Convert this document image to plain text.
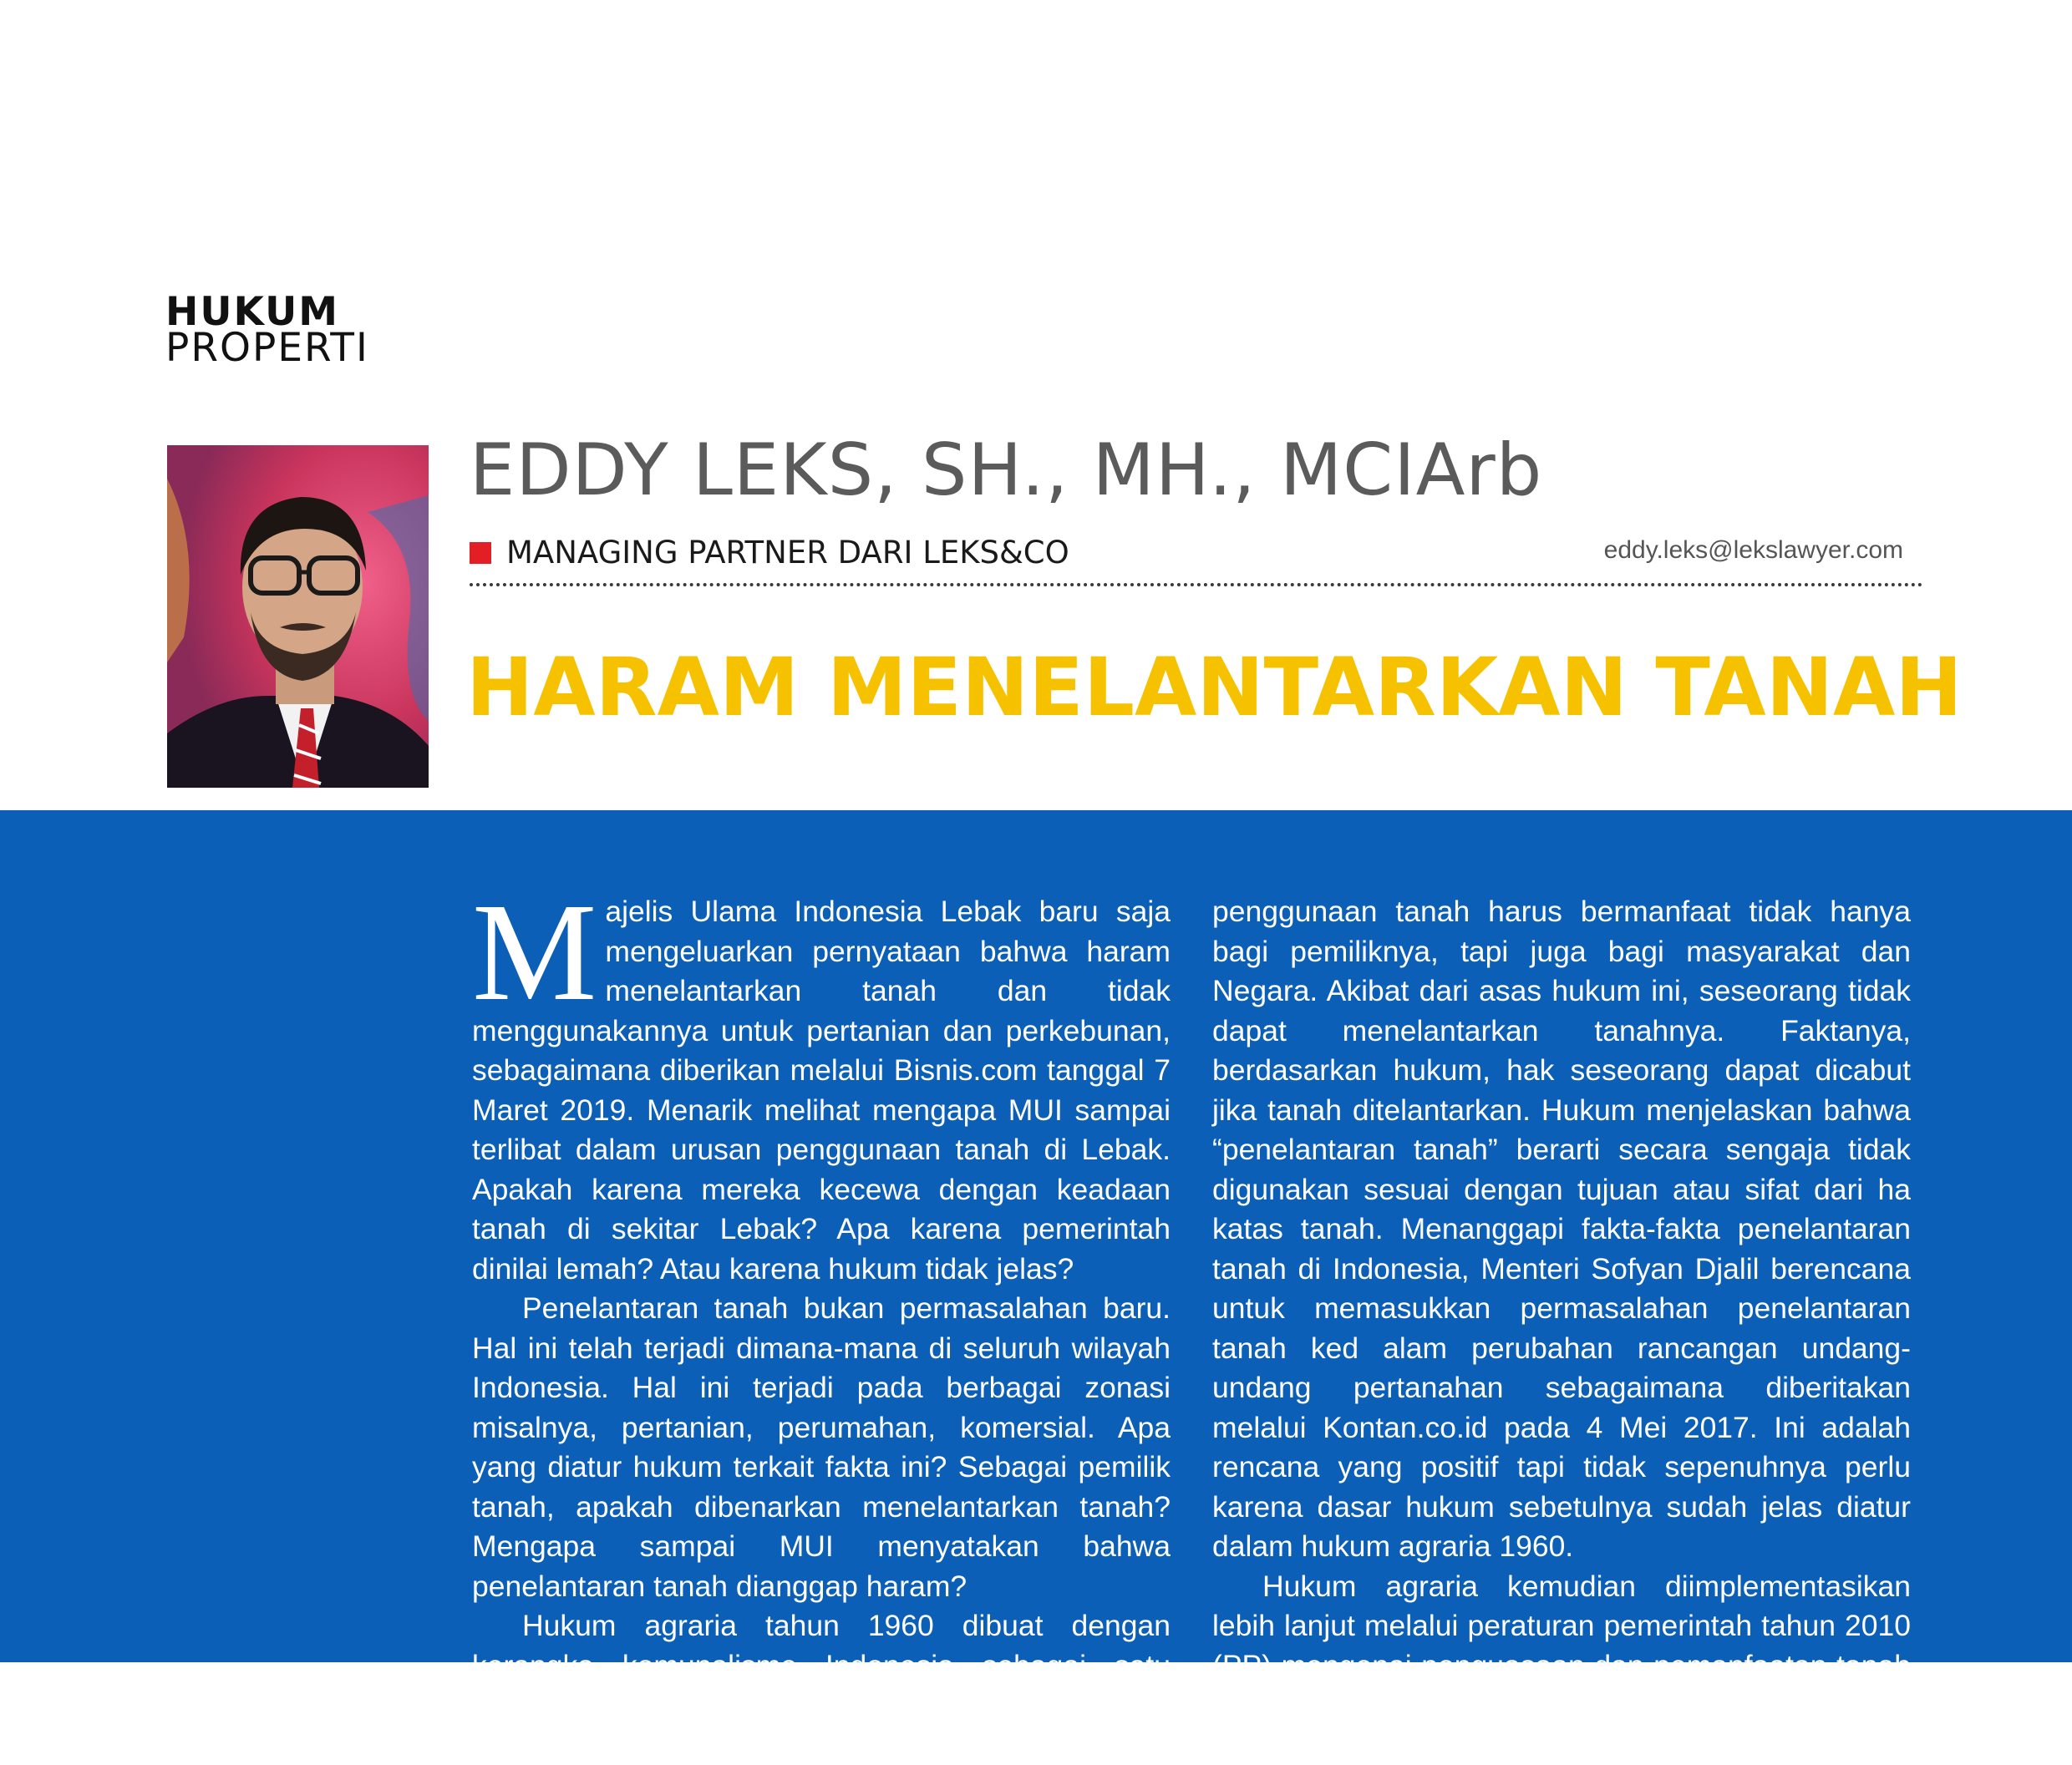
HUKUM
PROPERTI
EDDY LEKS, SH., MH., MCIArb
MANAGING PARTNER DARI LEKS&CO	eddy.leks@lekslawyer.com
HARAM MENELANTARKAN TANAH

Majelis Ulama Indonesia Lebak baru saja mengeluarkan pernyataan bahwa haram menelantarkan tanah dan tidak menggunakannya untuk pertanian dan perkebunan, sebagaimana diberikan melalui Bisnis.com tanggal 7 Maret 2019. Menarik melihat mengapa MUI sampai terlibat dalam urusan penggunaan tanah di Lebak. Apakah karena mereka kecewa dengan keadaan tanah di sekitar Lebak? Apa karena pemerintah dinilai lemah? Atau karena hukum tidak jelas?

Penelantaran tanah bukan permasalahan baru. Hal ini telah terjadi dimana-mana di seluruh wilayah Indonesia. Hal ini terjadi pada berbagai zonasi misalnya, pertanian, perumahan, komersial. Apa yang diatur hukum terkait fakta ini? Sebagai pemilik tanah, apakah dibenarkan menelantarkan tanah? Mengapa sampai MUI menyatakan bahwa penelantaran tanah dianggap haram?

Hukum agraria tahun 1960 dibuat dengan kerangka komunalisme Indonesia sebagai satu bangsa. Salah

penggunaan tanah harus bermanfaat tidak hanya bagi pemiliknya, tapi juga bagi masyarakat dan Negara. Akibat dari asas hukum ini, seseorang tidak dapat menelantarkan tanahnya. Faktanya, berdasarkan hukum, hak seseorang dapat dicabut jika tanah ditelantarkan. Hukum menjelaskan bahwa “penelantaran tanah” berarti secara sengaja tidak digunakan sesuai dengan tujuan atau sifat dari ha katas tanah. Menanggapi fakta-fakta penelantaran tanah di Indonesia, Menteri Sofyan Djalil berencana untuk memasukkan permasalahan penelantaran tanah ked alam perubahan rancangan undang-undang pertanahan sebagaimana diberitakan melalui Kontan.co.id pada 4 Mei 2017. Ini adalah rencana yang positif tapi tidak sepenuhnya perlu karena dasar hukum sebetulnya sudah jelas diatur dalam hukum agraria 1960.

Hukum agraria kemudian diimplementasikan lebih lanjut melalui peraturan pemerintah tahun 2010 (PP) mengenai penguasaan dan pemanfaatan tanah terlantar. Objek tanah terlantar adalah hak milik, hak guna
